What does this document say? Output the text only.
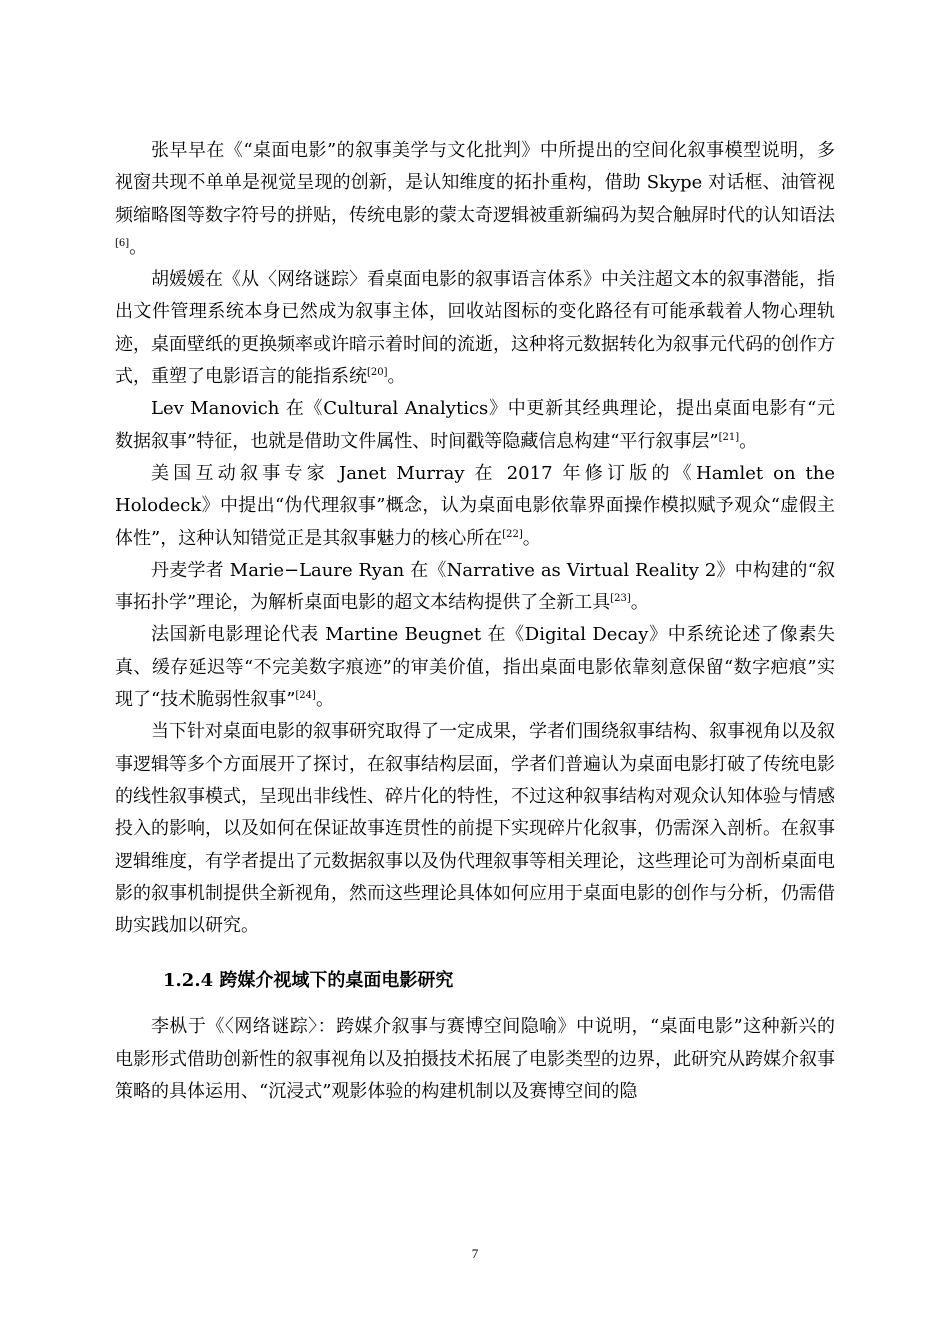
张早早在《“桌面电影”的叙事美学与文化批判》中所提出的空间化叙事模型说明，多视窗共现不单单是视觉呈现的创新，是认知维度的拓扑重构，借助 Skype 对话框、油管视频缩略图等数字符号的拼贴，传统电影的蒙太奇逻辑被重新编码为契合触屏时代的认知语法[6]。

胡媛媛在《从〈网络谜踪〉看桌面电影的叙事语言体系》中关注超文本的叙事潜能，指出文件管理系统本身已然成为叙事主体，回收站图标的变化路径有可能承载着人物心理轨迹，桌面壁纸的更换频率或许暗示着时间的流逝，这种将元数据转化为叙事元代码的创作方式，重塑了电影语言的能指系统[20]。

Lev Manovich 在《Cultural Analytics》中更新其经典理论，提出桌面电影有“元数据叙事”特征，也就是借助文件属性、时间戳等隐藏信息构建“平行叙事层”[21]。

美国互动叙事专家 Janet Murray 在 2017 年修订版的《Hamlet on the Holodeck》中提出“伪代理叙事”概念，认为桌面电影依靠界面操作模拟赋予观众“虚假主体性”，这种认知错觉正是其叙事魅力的核心所在[22]。

丹麦学者 Marie−Laure Ryan 在《Narrative as Virtual Reality 2》中构建的“叙事拓扑学”理论，为解析桌面电影的超文本结构提供了全新工具[23]。

法国新电影理论代表 Martine Beugnet 在《Digital Decay》中系统论述了像素失真、缓存延迟等“不完美数字痕迹”的审美价值，指出桌面电影依靠刻意保留“数字疤痕”实现了“技术脆弱性叙事”[24]。

当下针对桌面电影的叙事研究取得了一定成果，学者们围绕叙事结构、叙事视角以及叙事逻辑等多个方面展开了探讨，在叙事结构层面，学者们普遍认为桌面电影打破了传统电影的线性叙事模式，呈现出非线性、碎片化的特性，不过这种叙事结构对观众认知体验与情感投入的影响，以及如何在保证故事连贯性的前提下实现碎片化叙事，仍需深入剖析。在叙事逻辑维度，有学者提出了元数据叙事以及伪代理叙事等相关理论，这些理论可为剖析桌面电影的叙事机制提供全新视角，然而这些理论具体如何应用于桌面电影的创作与分析，仍需借助实践加以研究。

1.2.4 跨媒介视域下的桌面电影研究

李枞于《〈网络谜踪〉：跨媒介叙事与赛博空间隐喻》中说明，“桌面电影”这种新兴的电影形式借助创新性的叙事视角以及拍摄技术拓展了电影类型的边界，此研究从跨媒介叙事策略的具体运用、“沉浸式”观影体验的构建机制以及赛博空间的隐

7
